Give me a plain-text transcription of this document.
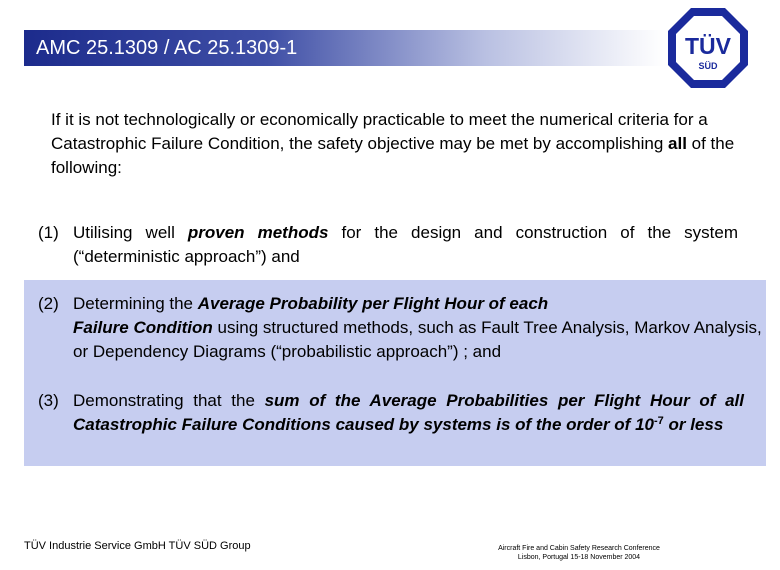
AMC 25.1309 / AC 25.1309-1	TÜV
SÜD
If it is not technologically or economically practicable to meet the numerical criteria for a Catastrophic Failure Condition, the safety objective may be met by accomplishing all of the following:
(1) Utilising well proven methods for the design and construction of the system (“deterministic approach”) and
(2) Determining the Average Probability per Flight Hour of each
Failure Condition using structured methods, such as Fault Tree Analysis, Markov Analysis, or Dependency Diagrams (“probabilistic approach”) ; and
(3) Demonstrating that the sum of the Average Probabilities per Flight Hour of all Catastrophic Failure Conditions caused by systems is of the order of $10^{-7}$ or less
TÜV Industrie Service GmbH TÜV SÜD Group	Aircraft Fire and Cabin Safety Research Conference
Lisbon, Portugal 15-18 November 2004
